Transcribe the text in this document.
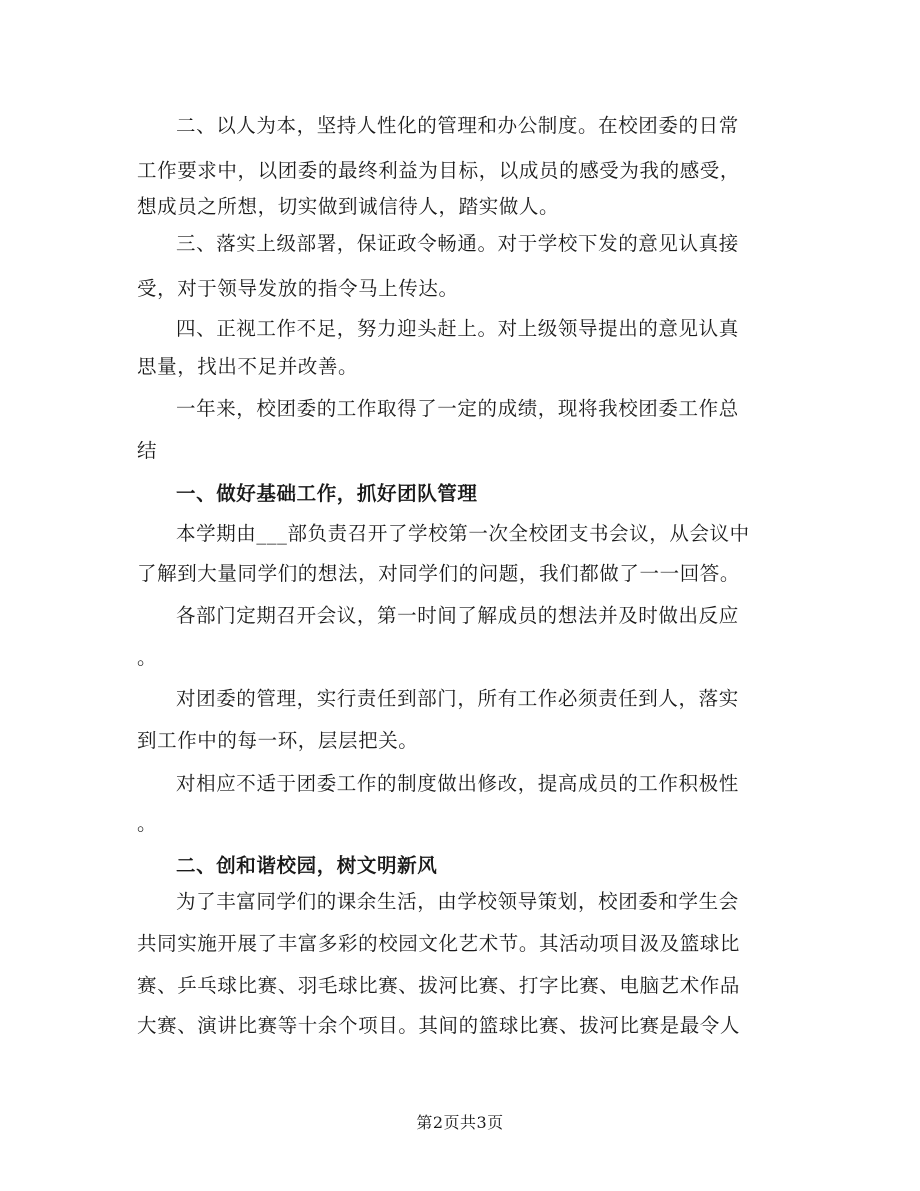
二、以人为本，坚持人性化的管理和办公制度。在校团委的日常
工作要求中，以团委的最终利益为目标，以成员的感受为我的感受，
想成员之所想，切实做到诚信待人，踏实做人。
三、落实上级部署，保证政令畅通。对于学校下发的意见认真接
受，对于领导发放的指令马上传达。
四、正视工作不足，努力迎头赶上。对上级领导提出的意见认真
思量，找出不足并改善。
一年来，校团委的工作取得了一定的成绩，现将我校团委工作总
结
一、做好基础工作，抓好团队管理
本学期由___部负责召开了学校第一次全校团支书会议，从会议中
了解到大量同学们的想法，对同学们的问题，我们都做了一一回答。
各部门定期召开会议，第一时间了解成员的想法并及时做出反应
。
对团委的管理，实行责任到部门，所有工作必须责任到人，落实
到工作中的每一环，层层把关。
对相应不适于团委工作的制度做出修改，提高成员的工作积极性
。
二、创和谐校园，树文明新风
为了丰富同学们的课余生活，由学校领导策划，校团委和学生会
共同实施开展了丰富多彩的校园文化艺术节。其活动项目汲及篮球比
赛、乒乓球比赛、羽毛球比赛、拔河比赛、打字比赛、电脑艺术作品
大赛、演讲比赛等十余个项目。其间的篮球比赛、拔河比赛是最令人
第2页共3页
